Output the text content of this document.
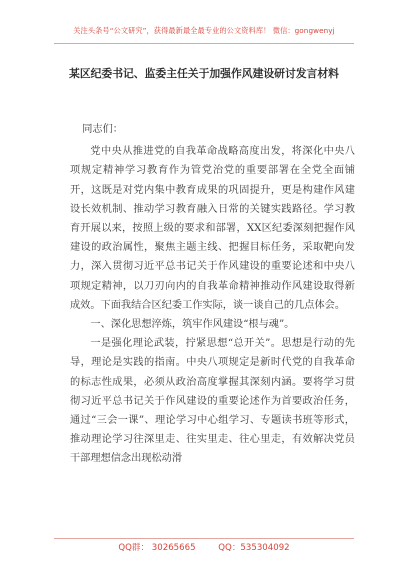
关注头条号“公文研究”，获得最新最全最专业的公文资料库！ 微信：gongwenyj
某区纪委书记、监委主任关于加强作风建设研讨发言材料

同志们：

党中央从推进党的自我革命战略高度出发，将深化中央八项规定精神学习教育作为管党治党的重要部署在全党全面铺开，这既是对党内集中教育成果的巩固提升，更是构建作风建设长效机制、推动学习教育融入日常的关键实践路径。学习教育开展以来，按照上级的要求和部署，XX区纪委深刻把握作风建设的政治属性，聚焦主题主线、把握目标任务，采取靶向发力，深入贯彻习近平总书记关于作风建设的重要论述和中央八项规定精神，以刀刃向内的自我革命精神推动作风建设取得新成效。下面我结合区纪委工作实际，谈一谈自己的几点体会。

一、深化思想淬炼，筑牢作风建设“根与魂”。

一是强化理论武装，拧紧思想“总开关”。思想是行动的先导，理论是实践的指南。中央八项规定是新时代党的自我革命的标志性成果，必须从政治高度掌握其深刻内涵。要将学习贯彻习近平总书记关于作风建设的重要论述作为首要政治任务，通过“三会一课”、理论学习中心组学习、专题读书班等形式，推动理论学习往深里走、往实里走、往心里走，有效解决党员干部理想信念出现松动滑

QQ群： 30265665	QQ：535304092
